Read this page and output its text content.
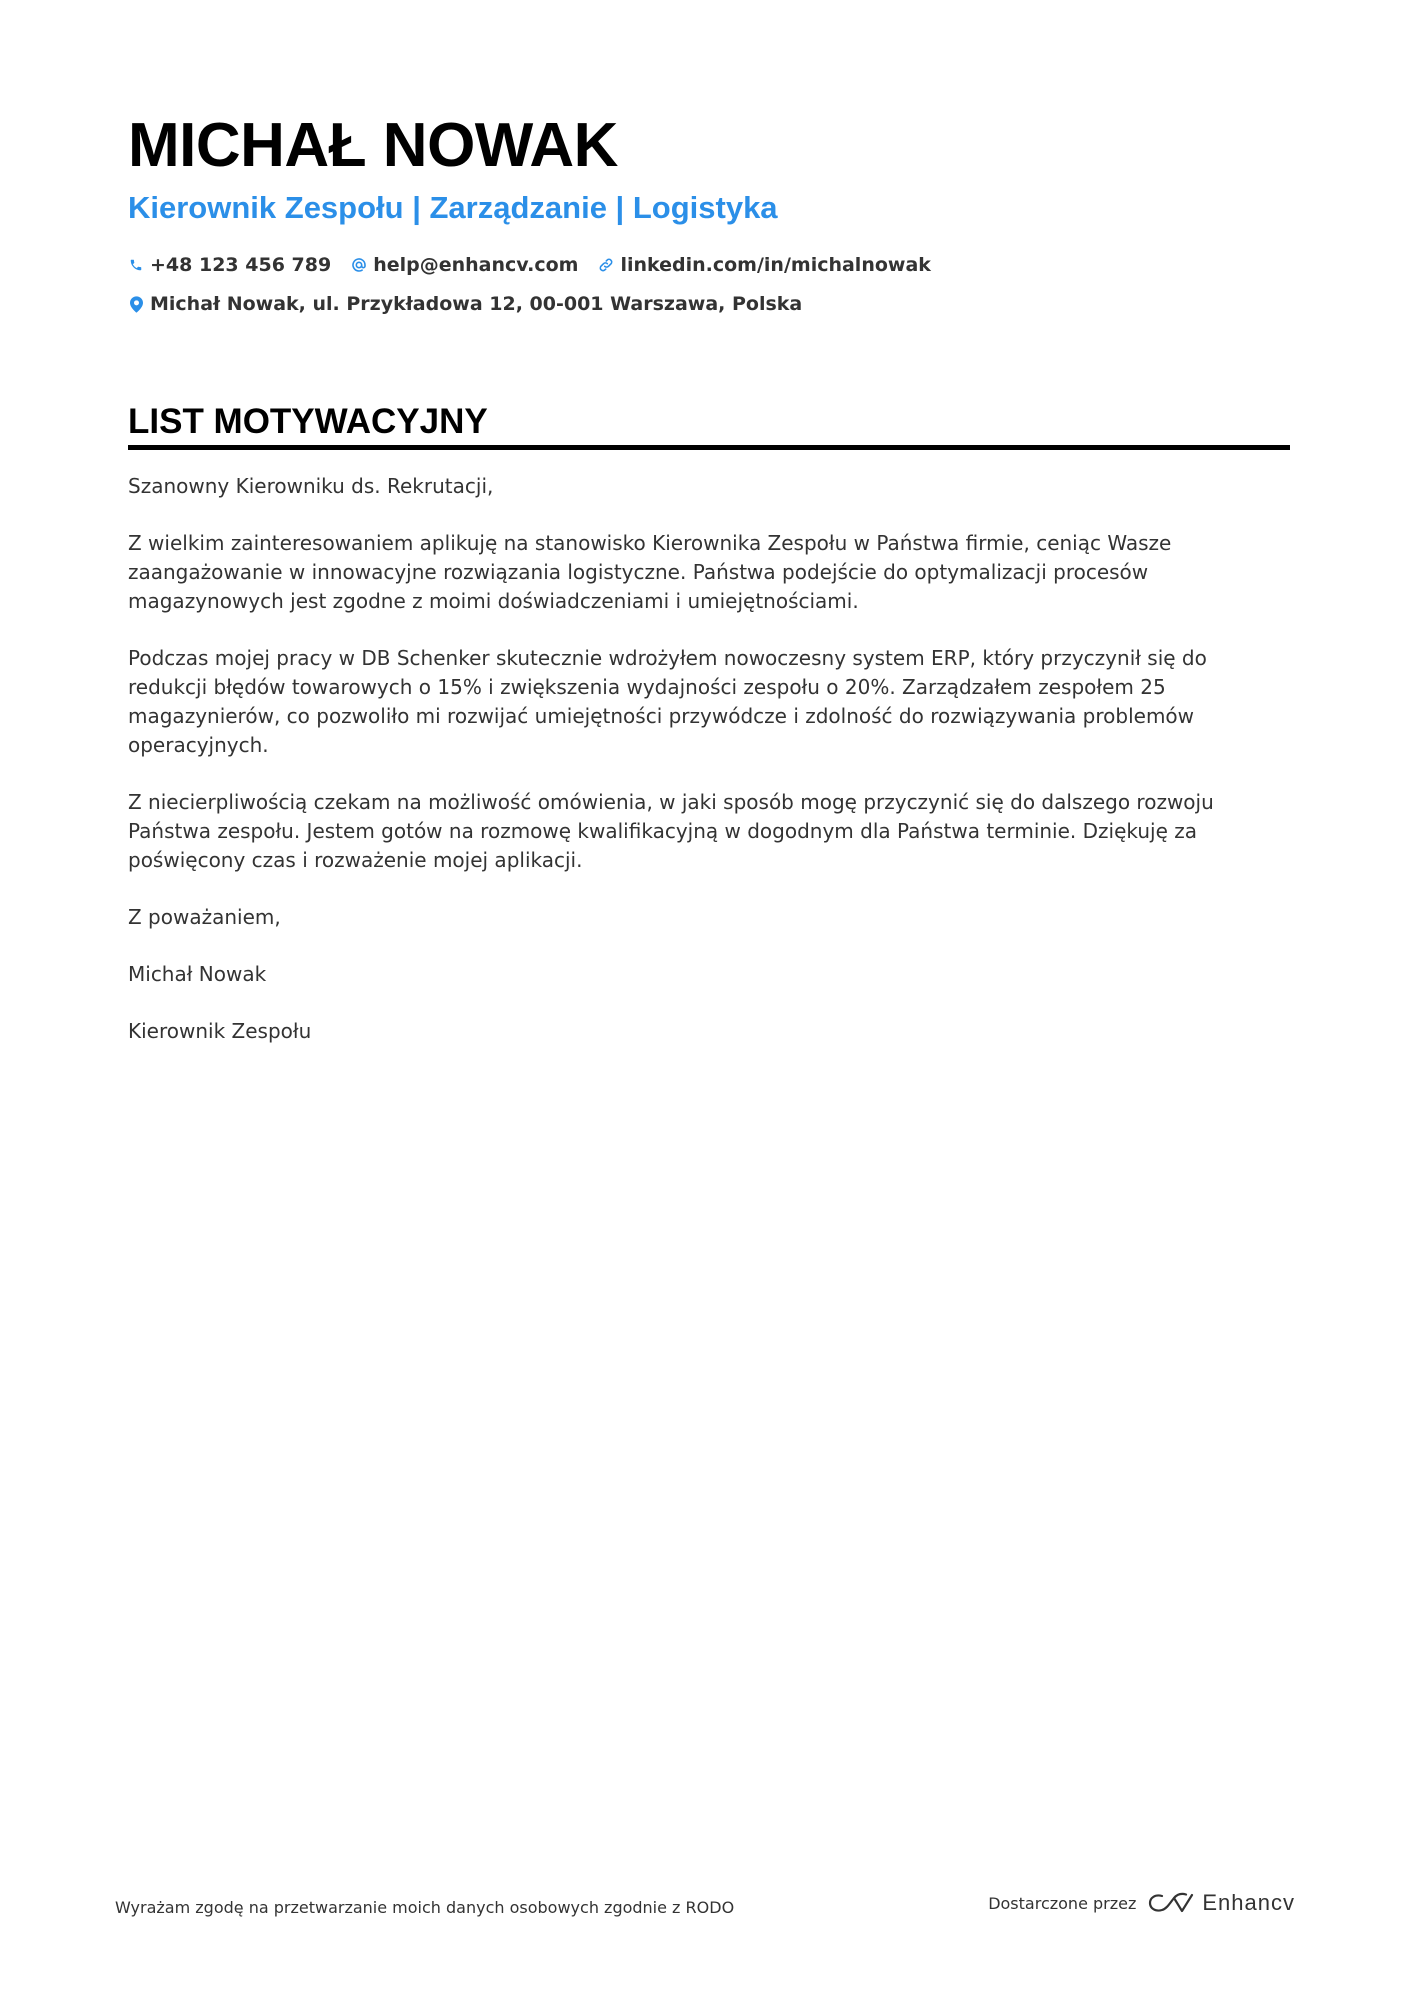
MICHAŁ NOWAK
Kierownik Zespołu | Zarządzanie | Logistyka
+48 123 456 789 help@enhancv.com linkedin.com/in/michalnowak
Michał Nowak, ul. Przykładowa 12, 00-001 Warszawa, Polska
LIST MOTYWACYJNY

Szanowny Kierowniku ds. Rekrutacji,

Z wielkim zainteresowaniem aplikuję na stanowisko Kierownika Zespołu w Państwa firmie, ceniąc Wasze zaangażowanie w innowacyjne rozwiązania logistyczne. Państwa podejście do optymalizacji procesów magazynowych jest zgodne z moimi doświadczeniami i umiejętnościami.

Podczas mojej pracy w DB Schenker skutecznie wdrożyłem nowoczesny system ERP, który przyczynił się do redukcji błędów towarowych o 15% i zwiększenia wydajności zespołu o 20%. Zarządzałem zespołem 25 magazynierów, co pozwoliło mi rozwijać umiejętności przywódcze i zdolność do rozwiązywania problemów operacyjnych.

Z niecierpliwością czekam na możliwość omówienia, w jaki sposób mogę przyczynić się do dalszego rozwoju Państwa zespołu. Jestem gotów na rozmowę kwalifikacyjną w dogodnym dla Państwa terminie. Dziękuję za poświęcony czas i rozważenie mojej aplikacji.

Z poważaniem,

Michał Nowak

Kierownik Zespołu

Wyrażam zgodę na przetwarzanie moich danych osobowych zgodnie z RODO	Dostarczone przez	Enhancv
